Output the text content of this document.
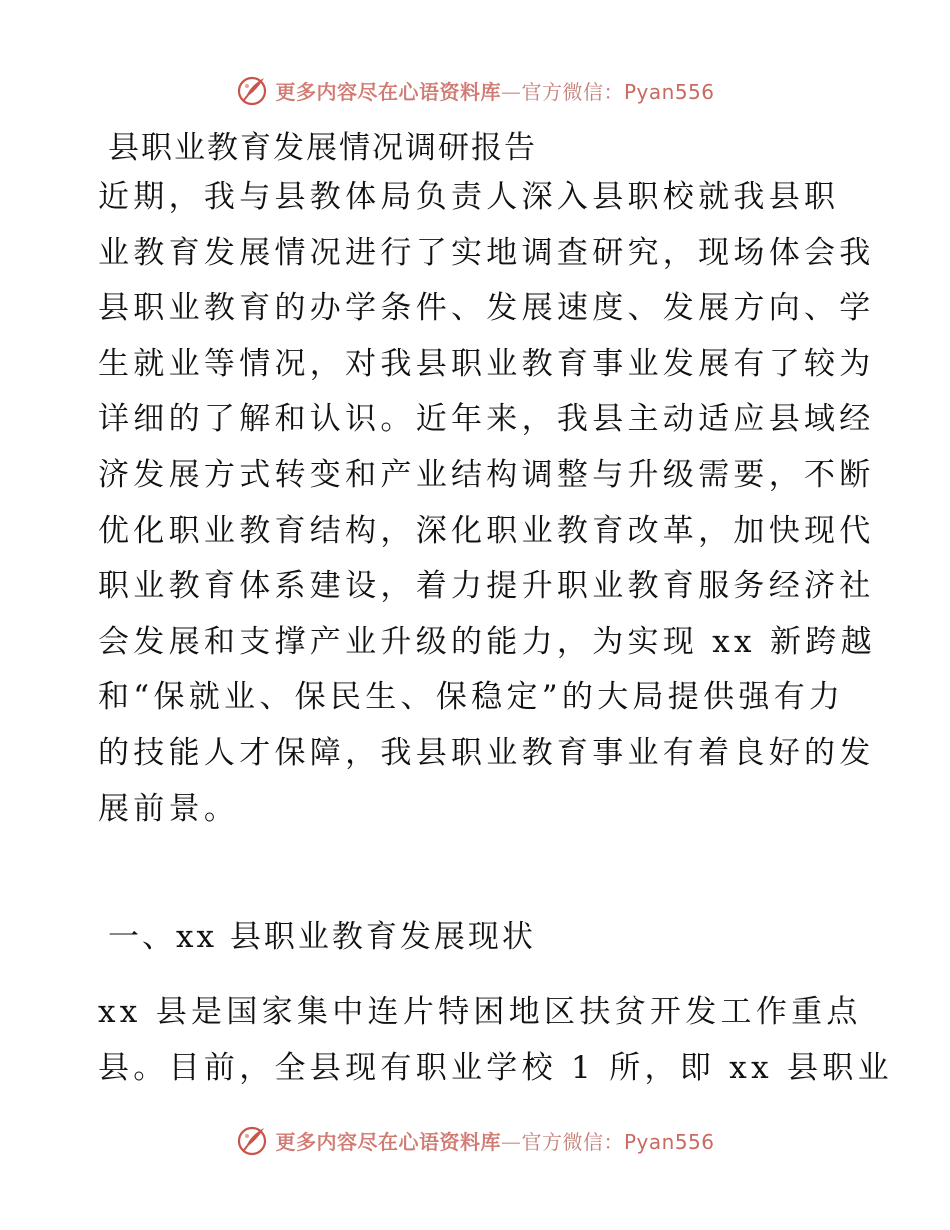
更多内容尽在心语资料库—官方微信：Pyan556
县职业教育发展情况调研报告
近期，我与县教体局负责人深入县职校就我县职
业教育发展情况进行了实地调查研究，现场体会我
县职业教育的办学条件、发展速度、发展方向、学
生就业等情况，对我县职业教育事业发展有了较为
详细的了解和认识。近年来，我县主动适应县域经
济发展方式转变和产业结构调整与升级需要，不断
优化职业教育结构，深化职业教育改革，加快现代
职业教育体系建设，着力提升职业教育服务经济社
会发展和支撑产业升级的能力，为实现 xx 新跨越
和“保就业、保民生、保稳定”的大局提供强有力
的技能人才保障，我县职业教育事业有着良好的发
展前景。
一、xx 县职业教育发展现状
xx 县是国家集中连片特困地区扶贫开发工作重点
县。目前，全县现有职业学校 1 所，即 xx 县职业
更多内容尽在心语资料库—官方微信：Pyan556
